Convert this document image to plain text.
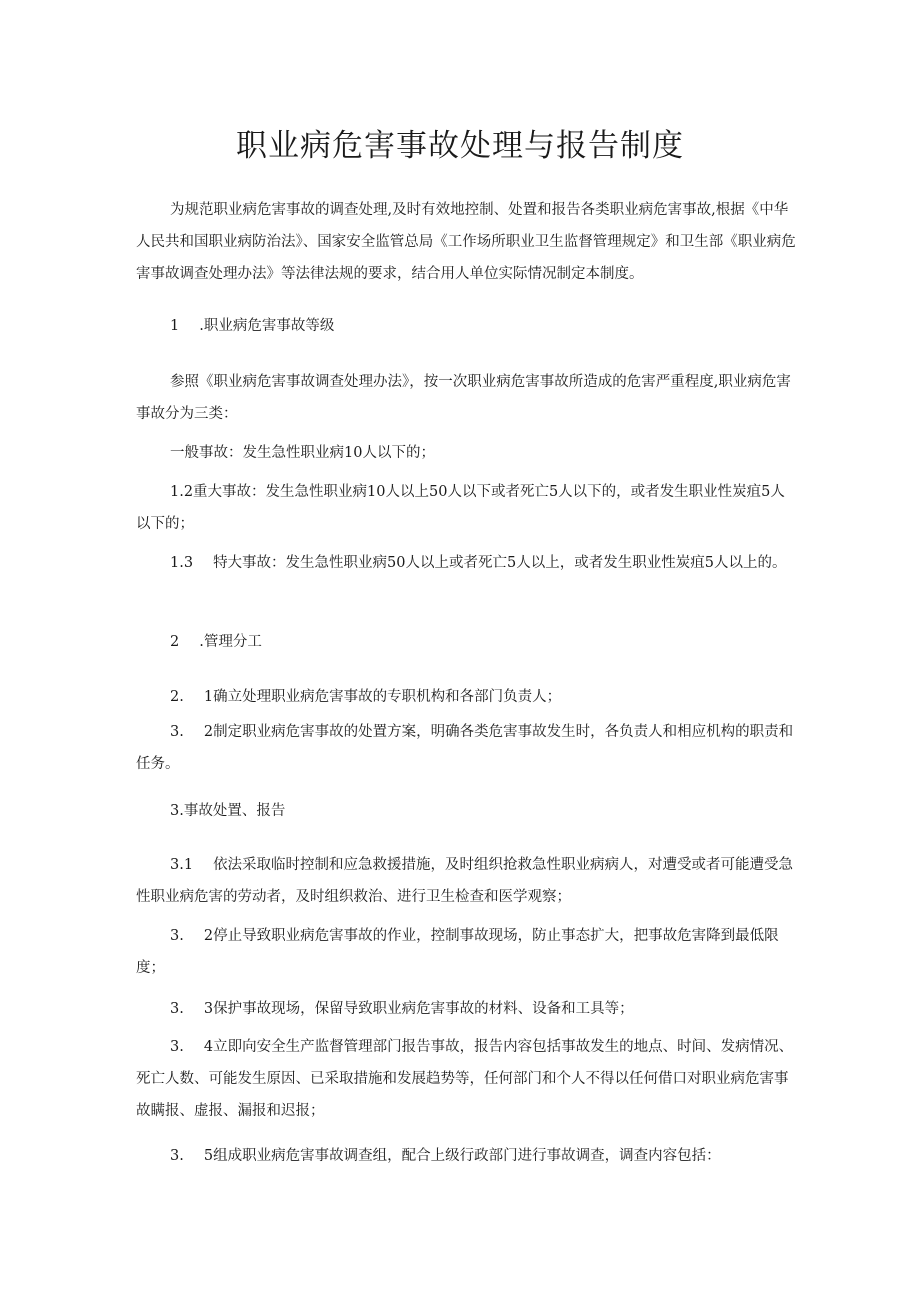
职业病危害事故处理与报告制度

为规范职业病危害事故的调查处理,及时有效地控制、处置和报告各类职业病危害事故,根据《中华人民共和国职业病防治法》、国家安全监管总局《工作场所职业卫生监督管理规定》和卫生部《职业病危害事故调查处理办法》等法律法规的要求，结合用人单位实际情况制定本制度。

1 .职业病危害事故等级

参照《职业病危害事故调查处理办法》，按一次职业病危害事故所造成的危害严重程度,职业病危害事故分为三类：

一般事故：发生急性职业病10人以下的；

1.2重大事故：发生急性职业病10人以上50人以下或者死亡5人以下的，或者发生职业性炭疽5人以下的；

1.3 特大事故：发生急性职业病50人以上或者死亡5人以上，或者发生职业性炭疽5人以上的。

2 .管理分工

2. 1确立处理职业病危害事故的专职机构和各部门负责人；

3. 2制定职业病危害事故的处置方案，明确各类危害事故发生时，各负责人和相应机构的职责和任务。

3.事故处置、报告

3.1 依法采取临时控制和应急救援措施，及时组织抢救急性职业病病人，对遭受或者可能遭受急性职业病危害的劳动者，及时组织救治、进行卫生检查和医学观察；

3. 2停止导致职业病危害事故的作业，控制事故现场，防止事态扩大，把事故危害降到最低限度；

3. 3保护事故现场，保留导致职业病危害事故的材料、设备和工具等；

3. 4立即向安全生产监督管理部门报告事故，报告内容包括事故发生的地点、时间、发病情况、死亡人数、可能发生原因、已采取措施和发展趋势等，任何部门和个人不得以任何借口对职业病危害事故瞒报、虚报、漏报和迟报；

3. 5组成职业病危害事故调查组，配合上级行政部门进行事故调查，调查内容包括：
